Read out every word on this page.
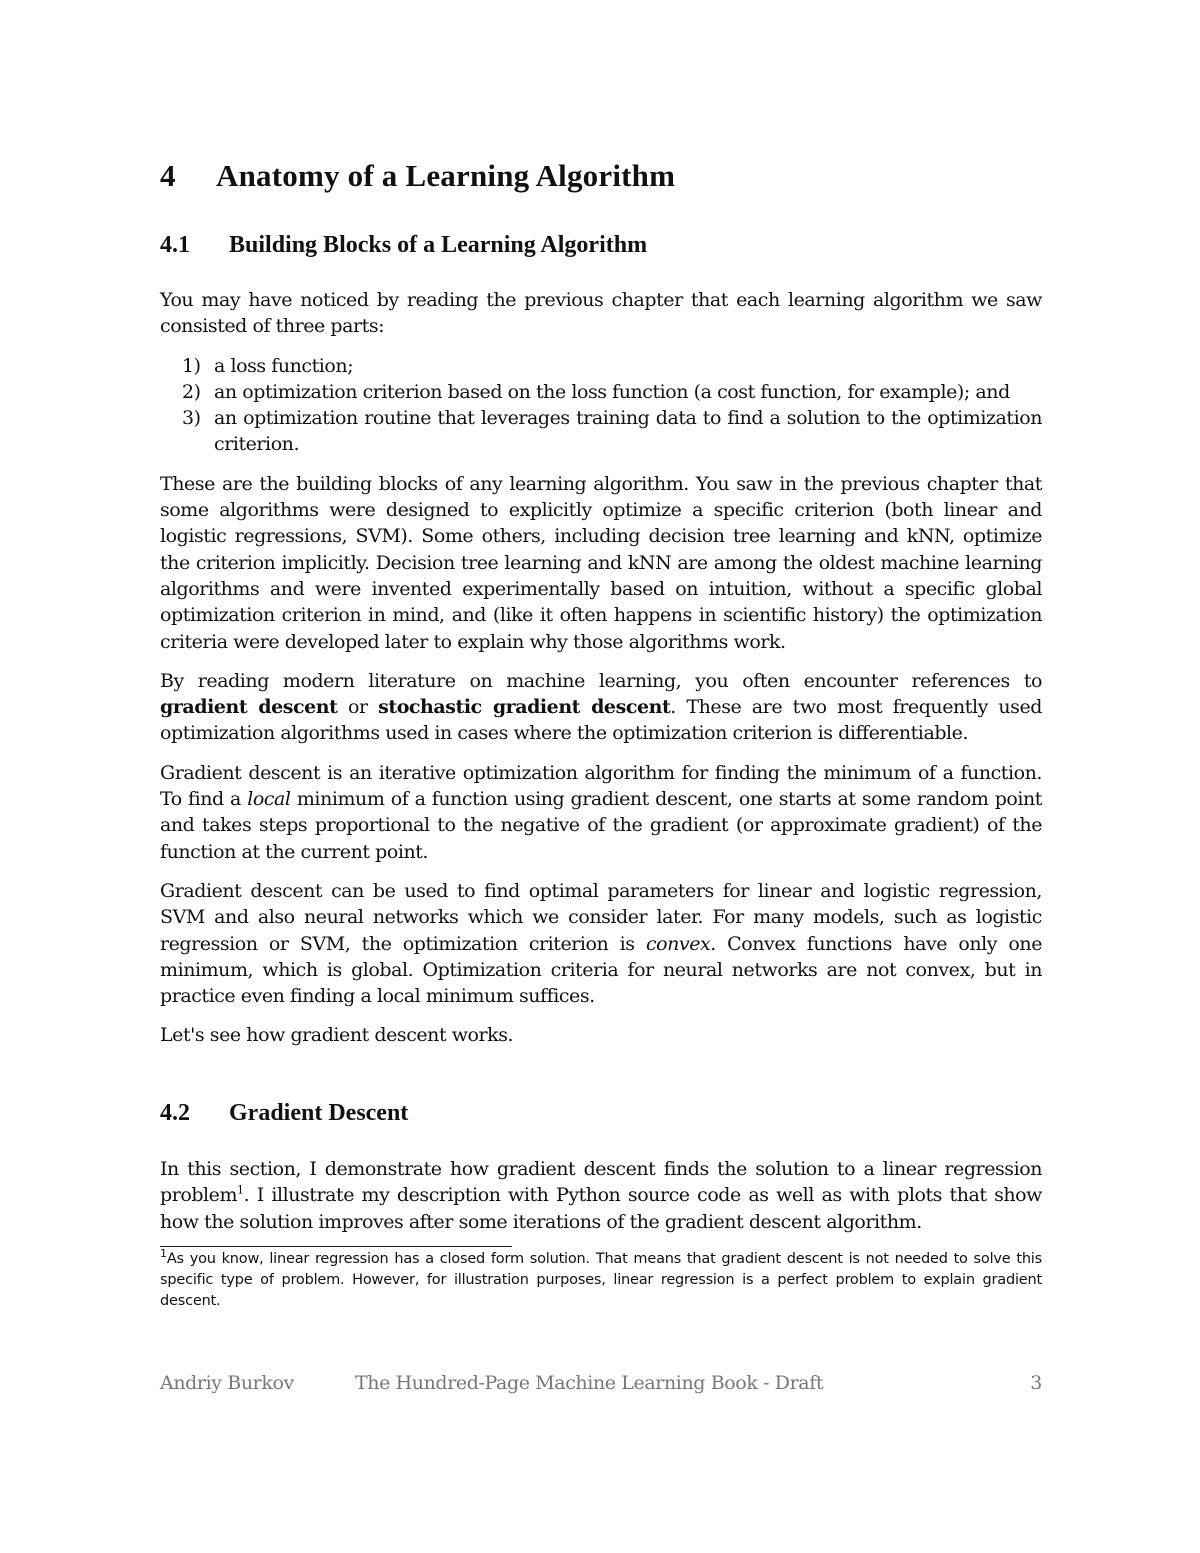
4 Anatomy of a Learning Algorithm
4.1 Building Blocks of a Learning Algorithm

You may have noticed by reading the previous chapter that each learning algorithm we saw consisted of three parts:

1) a loss function;
2) an optimization criterion based on the loss function (a cost function, for example); and
3) an optimization routine that leverages training data to find a solution to the optimization criterion.

These are the building blocks of any learning algorithm. You saw in the previous chapter that some algorithms were designed to explicitly optimize a specific criterion (both linear and logistic regressions, SVM). Some others, including decision tree learning and kNN, optimize the criterion implicitly. Decision tree learning and kNN are among the oldest machine learning algorithms and were invented experimentally based on intuition, without a specific global optimization criterion in mind, and (like it often happens in scientific history) the optimization criteria were developed later to explain why those algorithms work.

By reading modern literature on machine learning, you often encounter references to gradient descent or stochastic gradient descent. These are two most frequently used optimization algorithms used in cases where the optimization criterion is differentiable.

Gradient descent is an iterative optimization algorithm for finding the minimum of a function. To find a local minimum of a function using gradient descent, one starts at some random point and takes steps proportional to the negative of the gradient (or approximate gradient) of the function at the current point.

Gradient descent can be used to find optimal parameters for linear and logistic regression, SVM and also neural networks which we consider later. For many models, such as logistic regression or SVM, the optimization criterion is convex. Convex functions have only one minimum, which is global. Optimization criteria for neural networks are not convex, but in practice even finding a local minimum suffices.

Let's see how gradient descent works.

4.2 Gradient Descent

In this section, I demonstrate how gradient descent finds the solution to a linear regression problem$^1$. I illustrate my description with Python source code as well as with plots that show how the solution improves after some iterations of the gradient descent algorithm.

$^1$As you know, linear regression has a closed form solution. That means that gradient descent is not needed to solve this specific type of problem. However, for illustration purposes, linear regression is a perfect problem to explain gradient descent.
Andriy Burkov	The Hundred-Page Machine Learning Book - Draft	3
